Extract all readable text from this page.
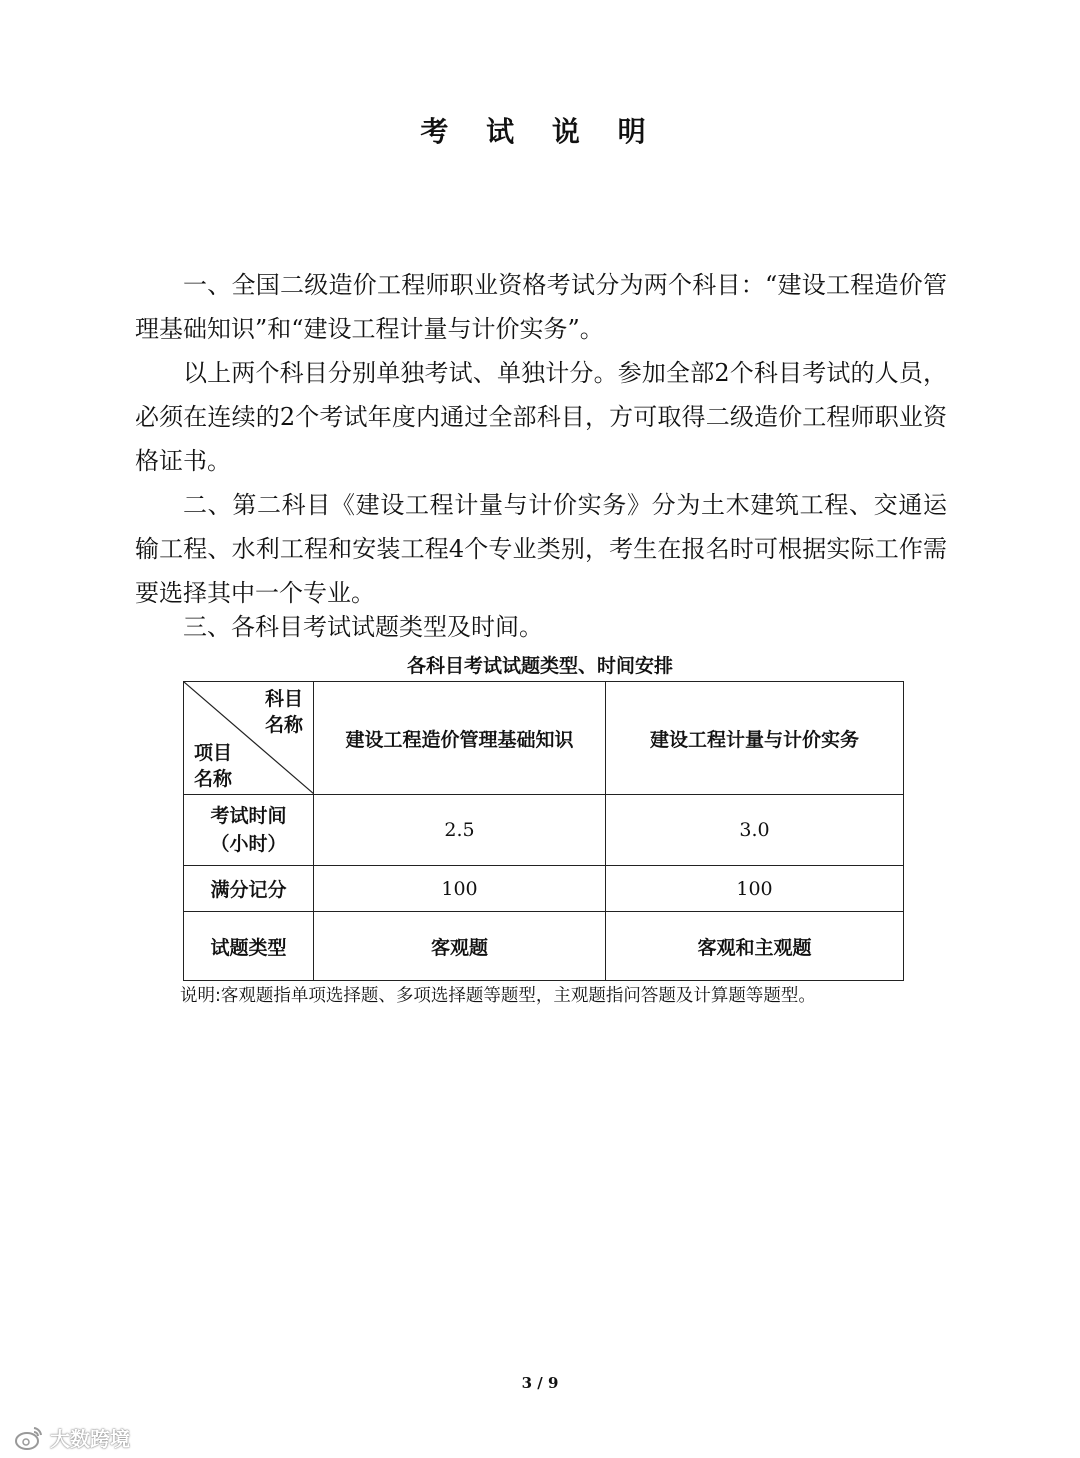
考 试 说 明

一、全国二级造价工程师职业资格考试分为两个科目：“建设工程造价管理基础知识”和“建设工程计量与计价实务”。

以上两个科目分别单独考试、单独计分。参加全部2个科目考试的人员，必须在连续的2个考试年度内通过全部科目，方可取得二级造价工程师职业资格证书。

二、第二科目《建设工程计量与计价实务》分为土木建筑工程、交通运输工程、水利工程和安装工程4个专业类别，考生在报名时可根据实际工作需要选择其中一个专业。

三、各科目考试试题类型及时间。

各科目考试试题类型、时间安排
科目
名称
项目
名称	建设工程造价管理基础知识	建设工程计量与计价实务

考试时间
（小时）	2.5	3.0
满分记分	100	100
试题类型	客观题	客观和主观题
说明:客观题指单项选择题、多项选择题等题型，主观题指问答题及计算题等题型。
3 / 9
大数跨境
